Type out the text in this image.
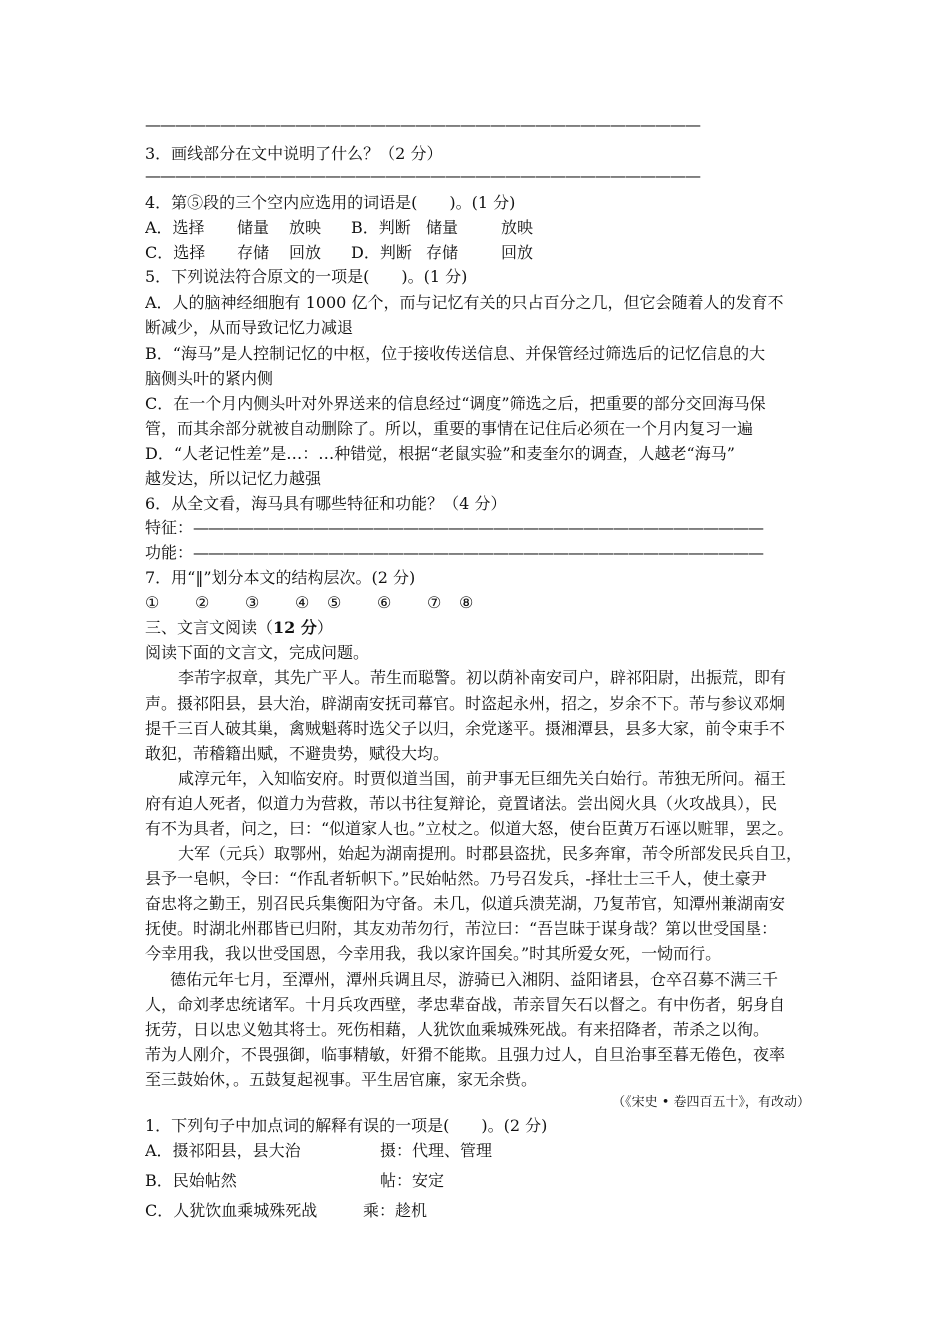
—————————————————————————————————————
3．画线部分在文中说明了什么？（2 分）
—————————————————————————————————————
4．第⑤段的三个空内应选用的词语是(　　)。(1 分)
A．选择 储量 放映 B．判断 储量	放映
C．选择 存储 回放 D．判断 存储	回放
5．下列说法符合原文的一项是(　　)。(1 分)
A．人的脑神经细胞有 1000 亿个，而与记忆有关的只占百分之几，但它会随着人的发育不
断减少，从而导致记忆力减退
B．“海马”是人控制记忆的中枢，位于接收传送信息、并保管经过筛选后的记忆信息的大
脑侧头叶的紧内侧
C．在一个月内侧头叶对外界送来的信息经过“调度”筛选之后，把重要的部分交回海马保
管，而其余部分就被自动删除了。所以，重要的事情在记住后必须在一个月内复习一遍
D．“人老记性差”是…：…种错觉，根据“老鼠实验”和麦奎尔的调查，人越老“海马”
越发达，所以记忆力越强
6．从全文看，海马具有哪些特征和功能？（4 分）
特征：——————————————————————————————————————
功能：——————————————————————————————————————
7．用“‖”划分本文的结构层次。(2 分)
① ② ③ ④ ⑤ ⑥ ⑦ ⑧
三、文言文阅读（12 分）
阅读下面的文言文，完成问题。
李芾字叔章，其先广平人。芾生而聪警。初以荫补南安司户，辟祁阳尉，出振荒，即有
声。摄祁阳县，县大治，辟湖南安抚司幕官。时盗起永州，招之，岁余不下。芾与参议邓炯
提千三百人破其巢，禽贼魁蒋时选父子以归，余党遂平。摄湘潭县，县多大家，前令束手不
敢犯，芾稽籍出赋，不避贵势，赋役大均。
咸淳元年，入知临安府。时贾似道当国，前尹事无巨细先关白始行。芾独无所问。福王
府有迫人死者，似道力为营救，芾以书往复辩论，竟置诸法。尝出阅火具（火攻战具），民
有不为具者，问之，曰：“似道家人也。”立杖之。似道大怒，使台臣黄万石诬以赃罪，罢之。
大军（元兵）取鄂州，始起为湖南提刑。时郡县盗扰，民多奔窜，芾令所部发民兵自卫，
县予一皂帜，令曰：“作乱者斩帜下。”民始帖然。乃号召发兵，-择壮士三千人，使土豪尹
奋忠将之勤王，别召民兵集衡阳为守备。未几，似道兵溃芜湖，乃复芾官，知潭州兼湖南安
抚使。时湖北州郡皆已归附，其友劝芾勿行，芾泣曰：“吾岂昧于谋身哉？第以世受国垦：
今幸用我，我以世受国恩，今幸用我，我以家许国矣。”时其所爱女死，一恸而行。
德佑元年七月，至潭州，潭州兵调且尽，游骑已入湘阴、益阳诸县，仓卒召募不满三千
人，命刘孝忠统诸军。十月兵攻西壁，孝忠辈奋战，芾亲冒矢石以督之。有中伤者，躬身自
抚劳，日以忠义勉其将士。死伤相藉，人犹饮血乘城殊死战。有来招降者，芾杀之以徇。
芾为人刚介，不畏强御，临事精敏，奸猾不能欺。且强力过人，自旦治事至暮无倦色，夜率
至三鼓始休，。五鼓复起视事。平生居官廉，家无余赀。
（《宋史 • 卷四百五十》，有改动）
1．下列句子中加点词的解释有误的一项是(　　)。(2 分)
A．摄祁阳县，县大治	摄：代理、管理
B．民始帖然	帖：安定
C．人犹饮血乘城殊死战	乘：趁机
